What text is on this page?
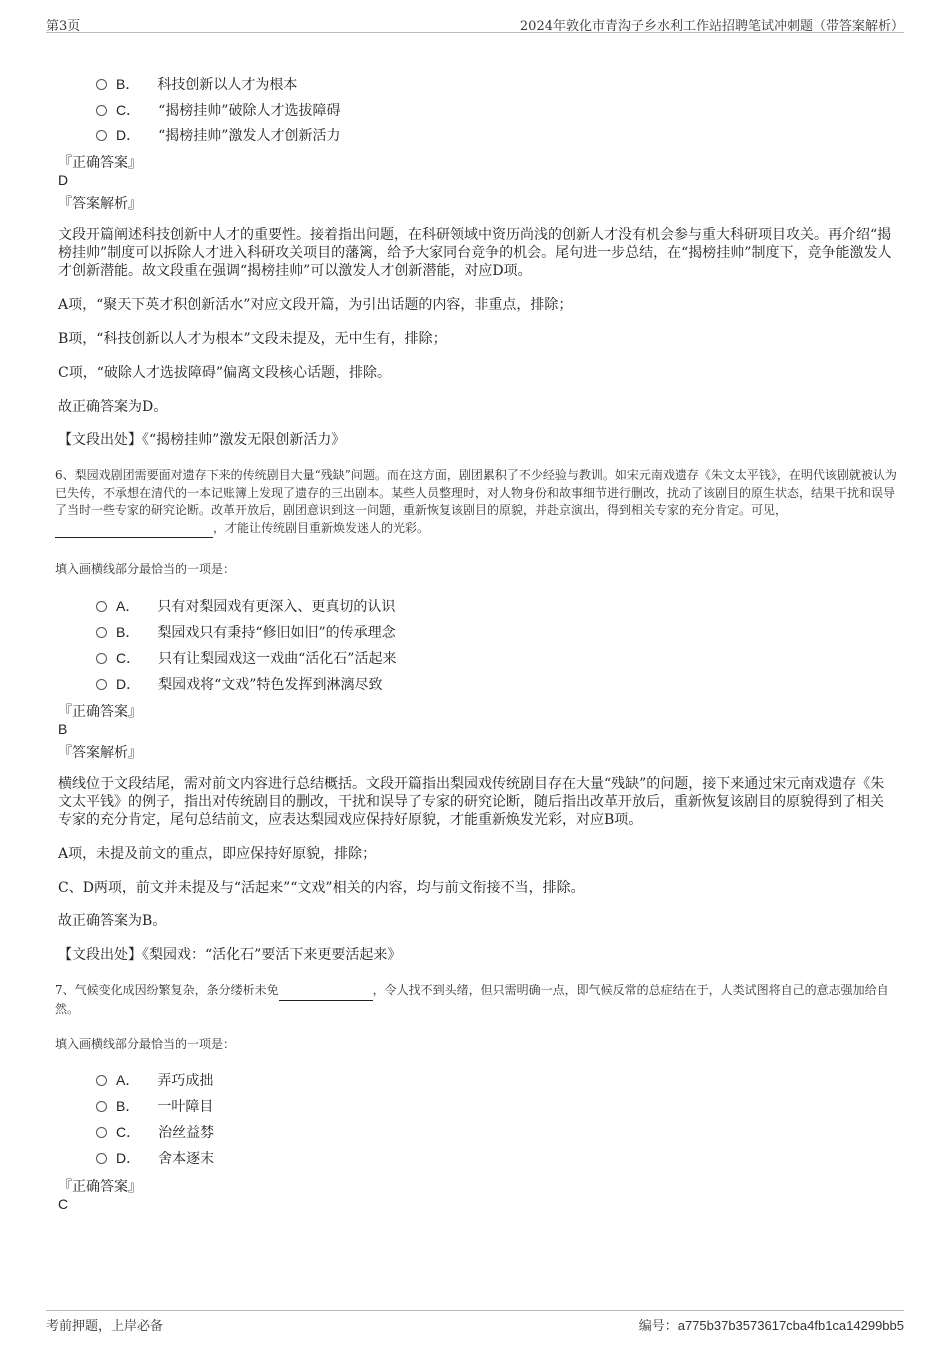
第3页	2024年敦化市青沟子乡水利工作站招聘笔试冲刺题（带答案解析）
B． 科技创新以人才为根本
C． “揭榜挂帅”破除人才选拔障碍
D． “揭榜挂帅”激发人才创新活力
『正确答案』
D
『答案解析』
文段开篇阐述科技创新中人才的重要性。接着指出问题，在科研领域中资历尚浅的创新人才没有机会参与重大科研项目攻关。再介绍“揭榜挂帅”制度可以拆除人才进入科研攻关项目的藩篱，给予大家同台竞争的机会。尾句进一步总结，在“揭榜挂帅”制度下，竞争能激发人才创新潜能。故文段重在强调“揭榜挂帅”可以激发人才创新潜能，对应D项。
A项，“聚天下英才积创新活水”对应文段开篇，为引出话题的内容，非重点，排除；
B项，“科技创新以人才为根本”文段未提及，无中生有，排除；
C项，“破除人才选拔障碍”偏离文段核心话题，排除。
故正确答案为D。
【文段出处】《“揭榜挂帅”激发无限创新活力》
6、梨园戏剧团需要面对遗存下来的传统剧目大量“残缺”问题。而在这方面，剧团累积了不少经验与教训。如宋元南戏遗存《朱文太平钱》，在明代该剧就被认为已失传，不承想在清代的一本记账簿上发现了遗存的三出剧本。某些人员整理时，对人物身份和故事细节进行删改，扰动了该剧目的原生状态，结果干扰和误导了当时一些专家的研究论断。改革开放后，剧团意识到这一问题，重新恢复该剧目的原貌，并赴京演出，得到相关专家的充分肯定。可见， ，才能让传统剧目重新焕发迷人的光彩。
填入画横线部分最恰当的一项是：
A． 只有对梨园戏有更深入、更真切的认识
B． 梨园戏只有秉持“修旧如旧”的传承理念
C． 只有让梨园戏这一戏曲“活化石”活起来
D． 梨园戏将“文戏”特色发挥到淋漓尽致
『正确答案』
B
『答案解析』
横线位于文段结尾，需对前文内容进行总结概括。文段开篇指出梨园戏传统剧目存在大量“残缺”的问题，接下来通过宋元南戏遗存《朱文太平钱》的例子，指出对传统剧目的删改，干扰和误导了专家的研究论断，随后指出改革开放后，重新恢复该剧目的原貌得到了相关专家的充分肯定，尾句总结前文，应表达梨园戏应保持好原貌，才能重新焕发光彩，对应B项。
A项，未提及前文的重点，即应保持好原貌，排除；
C、D两项，前文并未提及与“活起来”“文戏”相关的内容，均与前文衔接不当，排除。
故正确答案为B。
【文段出处】《梨园戏：“活化石”要活下来更要活起来》
7、气候变化成因纷繁复杂，条分缕析未免	，令人找不到头绪，但只需明确一点，即气候反常的总症结在于，人类试图将自己的意志强加给自然。
填入画横线部分最恰当的一项是：
A． 弄巧成拙
B． 一叶障目
C． 治丝益棼
D． 舍本逐末
『正确答案』
C
考前押题，上岸必备	编号：a775b37b3573617cba4fb1ca14299bb5
